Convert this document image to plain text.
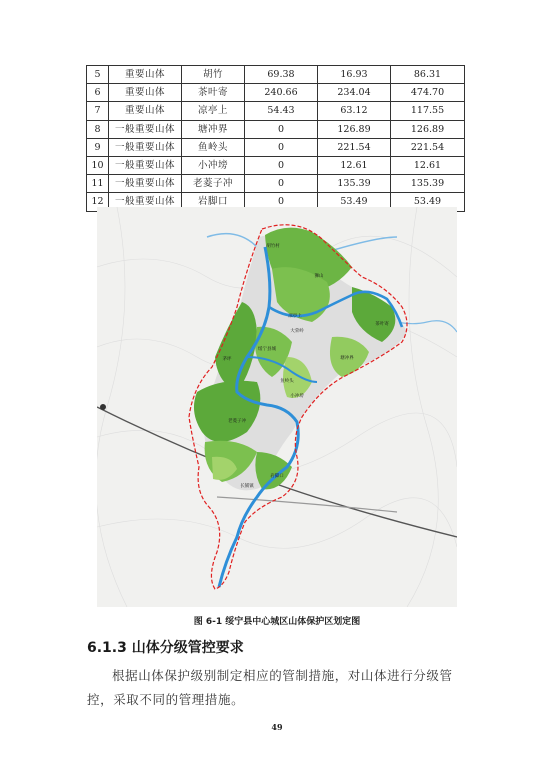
5	重要山体	胡竹	69.38	16.93	86.31
6	重要山体	茶叶寄	240.66	234.04	474.70
7	重要山体	凉亭上	54.43	63.12	117.55
8	一般重要山体	塘冲界	0	126.89	126.89
9	一般重要山体	鱼岭头	0	221.54	221.54
10	一般重要山体	小冲塝	0	12.61	12.61
11	一般重要山体	老菱子冲	0	135.39	135.39
12	一般重要山体	岩脚口	0	53.49	53.49
胡竹村
狮山
茶叶寄
凉亭上
大荣岭
绥宁县城
茅坪	塘冲界
鱼岭头
小冲塝
老菱子冲
岩脚口
长铺镇
图 6-1 绥宁县中心城区山体保护区划定图
6.1.3 山体分级管控要求
根据山体保护级别制定相应的管制措施，对山体进行分级管控，采取不同的管理措施。
49
